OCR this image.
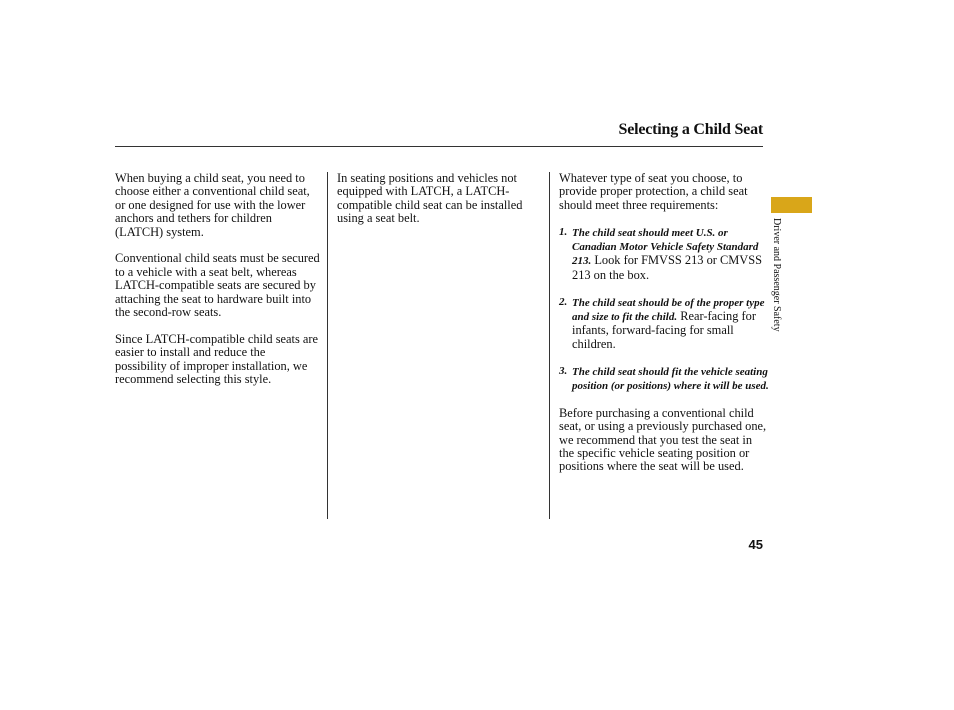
Selecting a Child Seat

When buying a child seat, you need to choose either a conventional child seat, or one designed for use with the lower anchors and tethers for children (LATCH) system.

Conventional child seats must be secured to a vehicle with a seat belt, whereas LATCH-compatible seats are secured by attaching the seat to hardware built into the second-row seats.

Since LATCH-compatible child seats are easier to install and reduce the possibility of improper installation, we recommend selecting this style.

In seating positions and vehicles not equipped with LATCH, a LATCH-compatible child seat can be installed using a seat belt.

Whatever type of seat you choose, to provide proper protection, a child seat should meet three requirements:

1. The child seat should meet U.S. or Canadian Motor Vehicle Safety Standard 213. Look for FMVSS 213 or CMVSS 213 on the box.

2. The child seat should be of the proper type and size to fit the child. Rear-facing for infants, forward-facing for small children.

3. The child seat should fit the vehicle seating position (or positions) where it will be used.

Before purchasing a conventional child seat, or using a previously purchased one, we recommend that you test the seat in the specific vehicle seating position or positions where the seat will be used.

Driver and Passenger Safety
45
